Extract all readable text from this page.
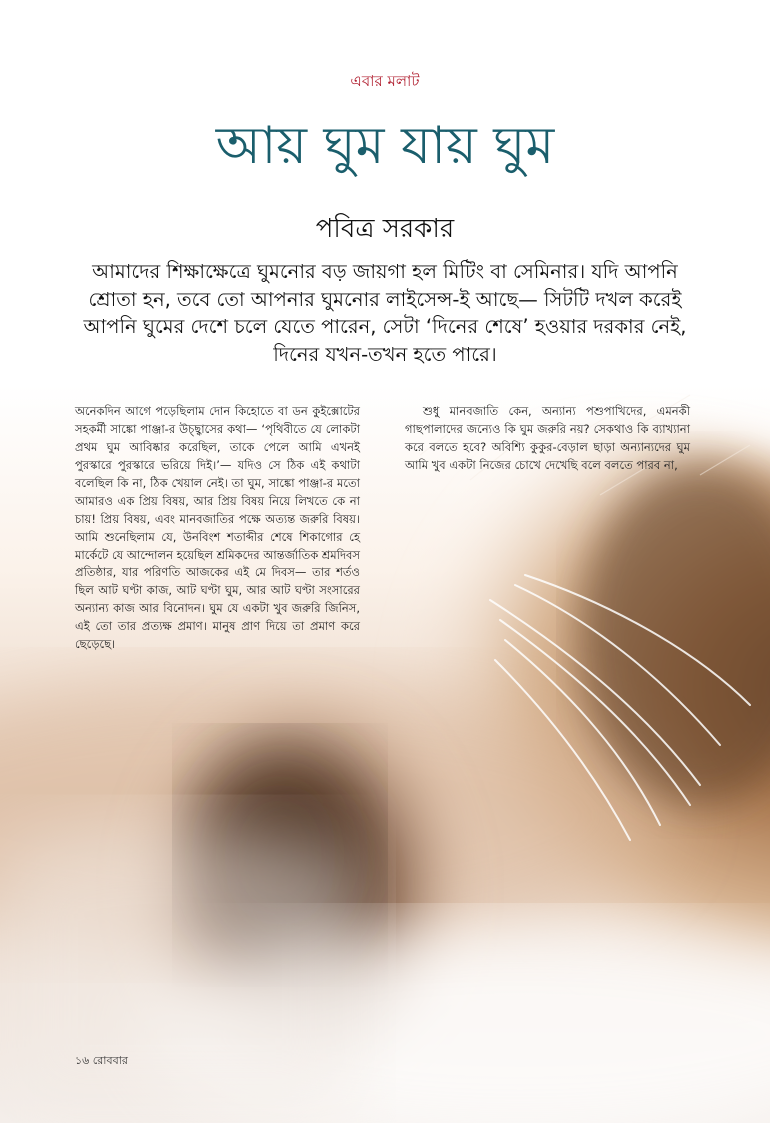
এবার মলাট
আয় ঘুম যায় ঘুম
পবিত্র সরকার
আমাদের শিক্ষাক্ষেত্রে ঘুমনোর বড় জায়গা হল মিটিং বা সেমিনার। যদি আপনি শ্রোতা হন, তবে তো আপনার ঘুমনোর লাইসেন্স-ই আছে— সিটটি দখল করেই আপনি ঘুমের দেশে চলে যেতে পারেন, সেটা ‘দিনের শেষে’ হওয়ার দরকার নেই, দিনের যখন-তখন হতে পারে।
অনেকদিন আগে পড়েছিলাম দোন কিহোতে বা ডন কুইক্সোটের সহকর্মী সাঙ্কো পাঞ্জা-র উচ্ছ্বাসের কথা— ‘পৃথিবীতে যে লোকটা প্রথম ঘুম আবিষ্কার করেছিল, তাকে পেলে আমি এখনই পুরস্কারে পুরস্কারে ভরিয়ে দিই।’— যদিও সে ঠিক এই কথাটা বলেছিল কি না, ঠিক খেয়াল নেই। তা ঘুম, সাঙ্কো পাঞ্জা-র মতো আমারও এক প্রিয় বিষয়, আর প্রিয় বিষয় নিয়ে লিখতে কে না চায়! প্রিয় বিষয়, এবং মানবজাতির পক্ষে অত্যন্ত জরুরি বিষয়। আমি শুনেছিলাম যে, উনবিংশ শতাব্দীর শেষে শিকাগোর হে মার্কেটে যে আন্দোলন হয়েছিল শ্রমিকদের আন্তর্জাতিক শ্রমদিবস প্রতিষ্ঠার, যার পরিণতি আজকের এই মে দিবস— তার শর্তও ছিল আট ঘণ্টা কাজ, আট ঘণ্টা ঘুম, আর আট ঘণ্টা সংসারের অন্যান্য কাজ আর বিনোদন। ঘুম যে একটা খুব জরুরি জিনিস, এই তো তার প্রত্যক্ষ প্রমাণ। মানুষ প্রাণ দিয়ে তা প্রমাণ করে ছেড়েছে।
শুধু মানবজাতি কেন, অন্যান্য পশুপাখিদের, এমনকী গাছপালাদের জন্যেও কি ঘুম জরুরি নয়? সেকথাও কি ব্যাখ্যানা করে বলতে হবে? অবিশ্যি কুকুর-বেড়াল ছাড়া অন্যান্যদের ঘুম আমি খুব একটা নিজের চোখে দেখেছি বলে বলতে পারব না,
১৬ রোববার
